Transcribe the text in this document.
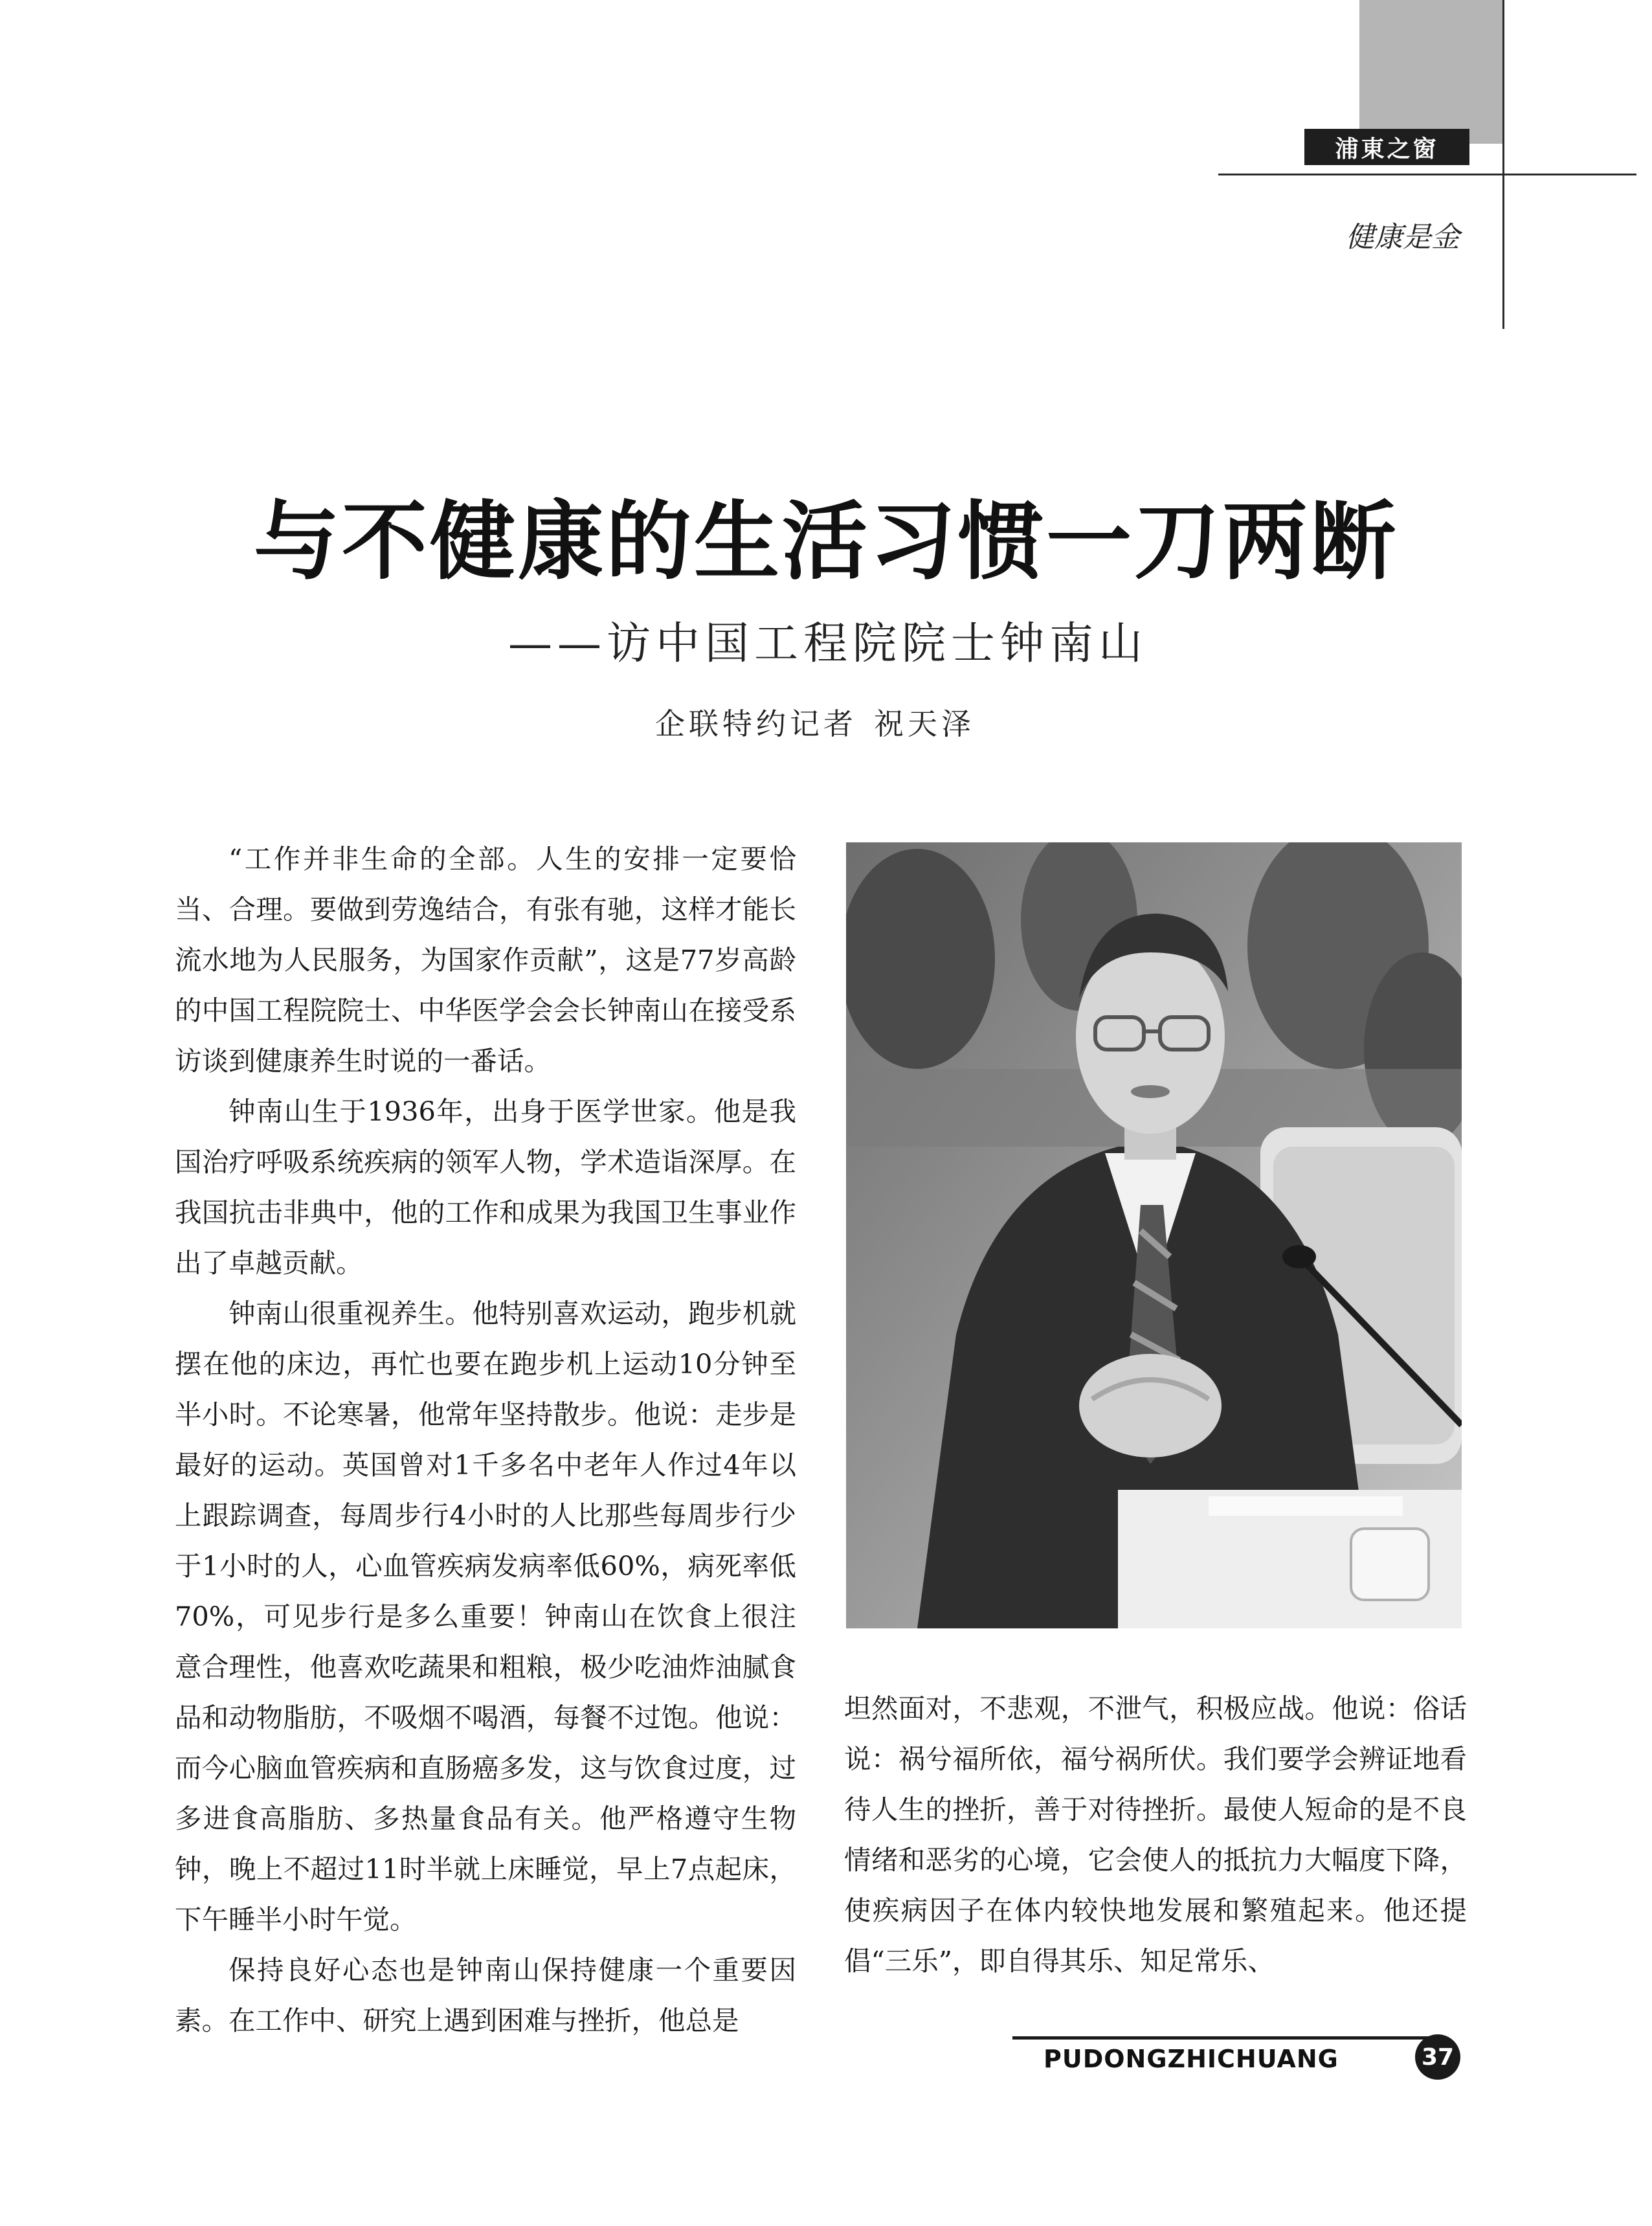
浦東之窗
健康是金
与不健康的生活习惯一刀两断
——访中国工程院院士钟南山
企联特约记者 祝天泽

“工作并非生命的全部。人生的安排一定要恰当、合理。要做到劳逸结合，有张有驰，这样才能长流水地为人民服务，为国家作贡献”，这是77岁高龄的中国工程院院士、中华医学会会长钟南山在接受系访谈到健康养生时说的一番话。

钟南山生于1936年，出身于医学世家。他是我国治疗呼吸系统疾病的领军人物，学术造诣深厚。在我国抗击非典中，他的工作和成果为我国卫生事业作出了卓越贡献。

钟南山很重视养生。他特别喜欢运动，跑步机就摆在他的床边，再忙也要在跑步机上运动10分钟至半小时。不论寒暑，他常年坚持散步。他说：走步是最好的运动。英国曾对1千多名中老年人作过4年以上跟踪调查，每周步行4小时的人比那些每周步行少于1小时的人，心血管疾病发病率低60%，病死率低70%，可见步行是多么重要！钟南山在饮食上很注意合理性，他喜欢吃蔬果和粗粮，极少吃油炸油腻食品和动物脂肪，不吸烟不喝酒，每餐不过饱。他说：而今心脑血管疾病和直肠癌多发，这与饮食过度，过多进食高脂肪、多热量食品有关。他严格遵守生物钟，晚上不超过11时半就上床睡觉，早上7点起床，下午睡半小时午觉。

保持良好心态也是钟南山保持健康一个重要因素。在工作中、研究上遇到困难与挫折，他总是

坦然面对，不悲观，不泄气，积极应战。他说：俗话说：祸兮福所依，福兮祸所伏。我们要学会辨证地看待人生的挫折，善于对待挫折。最使人短命的是不良情绪和恶劣的心境，它会使人的抵抗力大幅度下降，使疾病因子在体内较快地发展和繁殖起来。他还提倡“三乐”，即自得其乐、知足常乐、

PUDONGZHICHUANG	37
